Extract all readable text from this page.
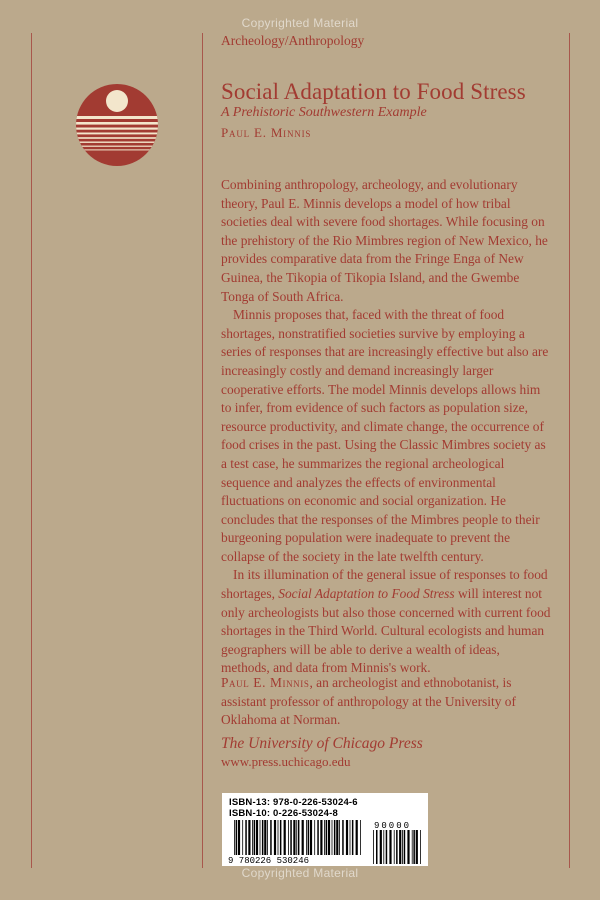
Copyrighted Material
Archeology/Anthropology
Social Adaptation to Food Stress
A Prehistoric Southwestern Example
Paul E. Minnis

Combining anthropology, archeology, and evolutionary theory, Paul E. Minnis develops a model of how tribal societies deal with severe food shortages. While focusing on the prehistory of the Rio Mimbres region of New Mexico, he provides comparative data from the Fringe Enga of New Guinea, the Tikopia of Tikopia Island, and the Gwembe Tonga of South Africa.

Minnis proposes that, faced with the threat of food shortages, nonstratified societies survive by employing a series of responses that are increasingly effective but also are increasingly costly and demand increasingly larger cooperative efforts. The model Minnis develops allows him to infer, from evidence of such factors as population size, resource productivity, and climate change, the occurrence of food crises in the past. Using the Classic Mimbres society as a test case, he summarizes the regional archeological sequence and analyzes the effects of environmental fluctuations on economic and social organization. He concludes that the responses of the Mimbres people to their burgeoning population were inadequate to prevent the collapse of the society in the late twelfth century.

In its illumination of the general issue of responses to food shortages, Social Adaptation to Food Stress will interest not only archeologists but also those concerned with current food shortages in the Third World. Cultural ecologists and human geographers will be able to derive a wealth of ideas, methods, and data from Minnis's work.

Paul E. Minnis, an archeologist and ethnobotanist, is assistant professor of anthropology at the University of Oklahoma at Norman.
The University of Chicago Press
www.press.uchicago.edu
ISBN-13: 978-0-226-53024-6
ISBN-10: 0-226-53024-8
9 780226 530246
90000
Copyrighted Material
